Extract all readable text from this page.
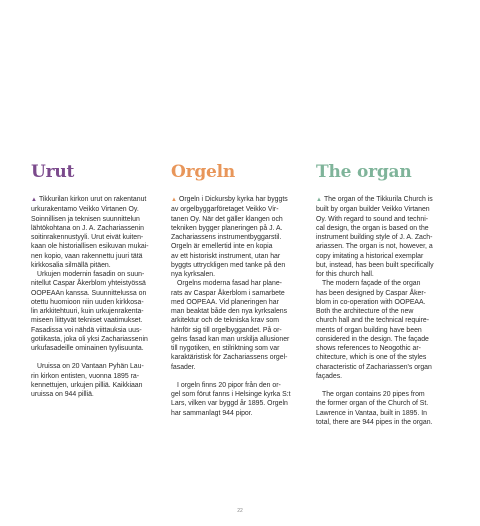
Urut

▲ Tikkurilan kirkon urut on rakentanut
urkurakentamo Veikko Virtanen Oy.
Soinnillisen ja teknisen suunnittelun
lähtökohtana on J. A. Zachariassenin
soitinrakennustyyli. Urut eivät kuiten-
kaan ole historiallisen esikuvan mukai-
nen kopio, vaan rakennettu juuri tätä
kirkkosalia silmällä pitäen.

Urkujen modernin fasadin on suun-
nitellut Caspar Åkerblom yhteistyössä
OOPEAAn kanssa. Suunnittelussa on
otettu huomioon niin uuden kirkkosa-
lin arkkitehtuuri, kuin urkujenrakenta-
miseen liittyvät tekniset vaatimukset.
Fasadissa voi nähdä viittauksia uus-
gotiikasta, joka oli yksi Zachariassenin
urkufasadeille ominainen tyylisuunta.

Uruissa on 20 Vantaan Pyhän Lau-
rin kirkon entisten, vuonna 1895 ra-
kennettujen, urkujen pilliä. Kaikkiaan
uruissa on 944 pilliä.

Orgeln

▲ Orgeln i Dickursby kyrka har byggts
av orgelbyggarföretaget Veikko Vir-
tanen Oy. När det gäller klangen och
tekniken bygger planeringen på J. A.
Zachariassens instrumentbyggarstil.
Orgeln är emellertid inte en kopia
av ett historiskt instrument, utan har
byggts uttryckligen med tanke på den
nya kyrksalen.

Orgelns moderna fasad har plane-
rats av Caspar Åkerblom i samarbete
med OOPEAA. Vid planeringen har
man beaktat både den nya kyrksalens
arkitektur och de tekniska krav som
hänför sig till orgelbyggandet. På or-
gelns fasad kan man urskilja allusioner
till nygotiken, en stilriktning som var
karaktäristisk för Zachariassens orgel-
fasader.

I orgeln finns 20 pipor från den or-
gel som förut fanns i Helsinge kyrka S:t
Lars, vilken var byggd år 1895. Orgeln
har sammanlagt 944 pipor.

The organ

▲ The organ of the Tikkurila Church is
built by organ builder Veikko Virtanen
Oy. With regard to sound and techni-
cal design, the organ is based on the
instrument building style of J. A. Zach-
ariassen. The organ is not, however, a
copy imitating a historical exemplar
but, instead, has been built specifically
for this church hall.

The modern façade of the organ
has been designed by Caspar Åker-
blom in co-operation with OOPEAA.
Both the architecture of the new
church hall and the technical require-
ments of organ building have been
considered in the design. The façade
shows references to Neogothic ar-
chitecture, which is one of the styles
characteristic of Zachariassen's organ
façades.

The organ contains 20 pipes from
the former organ of the Church of St.
Lawrence in Vantaa, built in 1895. In
total, there are 944 pipes in the organ.

22
